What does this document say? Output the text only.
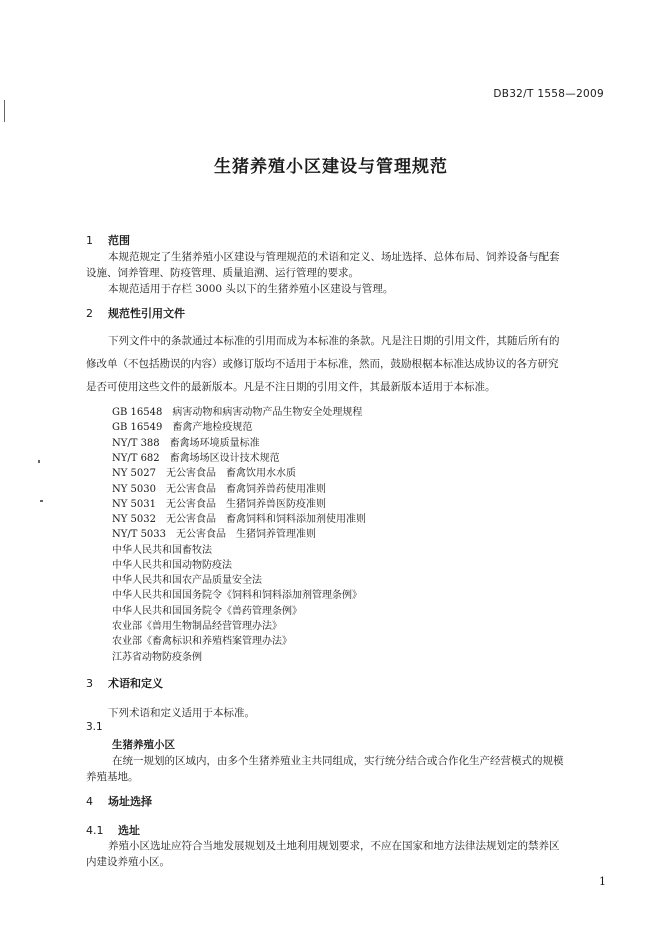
DB32/T 1558—2009
生猪养殖小区建设与管理规范
1 范围
本规范规定了生猪养殖小区建设与管理规范的术语和定义、场址选择、总体布局、饲养设备与配套
设施、饲养管理、防疫管理、质量追溯、运行管理的要求。
本规范适用于存栏 3000 头以下的生猪养殖小区建设与管理。
2 规范性引用文件
下列文件中的条款通过本标准的引用而成为本标准的条款。凡是注日期的引用文件，其随后所有的
修改单（不包括勘误的内容）或修订版均不适用于本标准，然而，鼓励根椐本标准达成协议的各方研究
是否可使用这些文件的最新版本。凡是不注日期的引用文件，其最新版本适用于本标准。
GB 16548　病害动物和病害动物产品生物安全处理规程
GB 16549　畜禽产地检疫规范
NY/T 388　畜禽场环境质量标准
NY/T 682　畜禽场场区设计技术规范
NY 5027　无公害食品　畜禽饮用水水质
NY 5030　无公害食品　畜禽饲养兽药使用准则
NY 5031　无公害食品　生猪饲养兽医防疫准则
NY 5032　无公害食品　畜禽饲料和饲料添加剂使用准则
NY/T 5033　无公害食品　生猪饲养管理准则
中华人民共和国畜牧法
中华人民共和国动物防疫法
中华人民共和国农产品质量安全法
中华人民共和国国务院令《饲料和饲料添加剂管理条例》
中华人民共和国国务院令《兽药管理条例》
农业部《兽用生物制品经营管理办法》
农业部《畜禽标识和养殖档案管理办法》
江苏省动物防疫条例
3 术语和定义
下列术语和定义适用于本标准。
3.1
生猪养殖小区
在统一规划的区域内，由多个生猪养殖业主共同组成，实行统分结合或合作化生产经营模式的规模
养殖基地。
4 场址选择
4.1 选址
养殖小区选址应符合当地发展规划及土地利用规划要求，不应在国家和地方法律法规划定的禁养区
内建设养殖小区。
1
